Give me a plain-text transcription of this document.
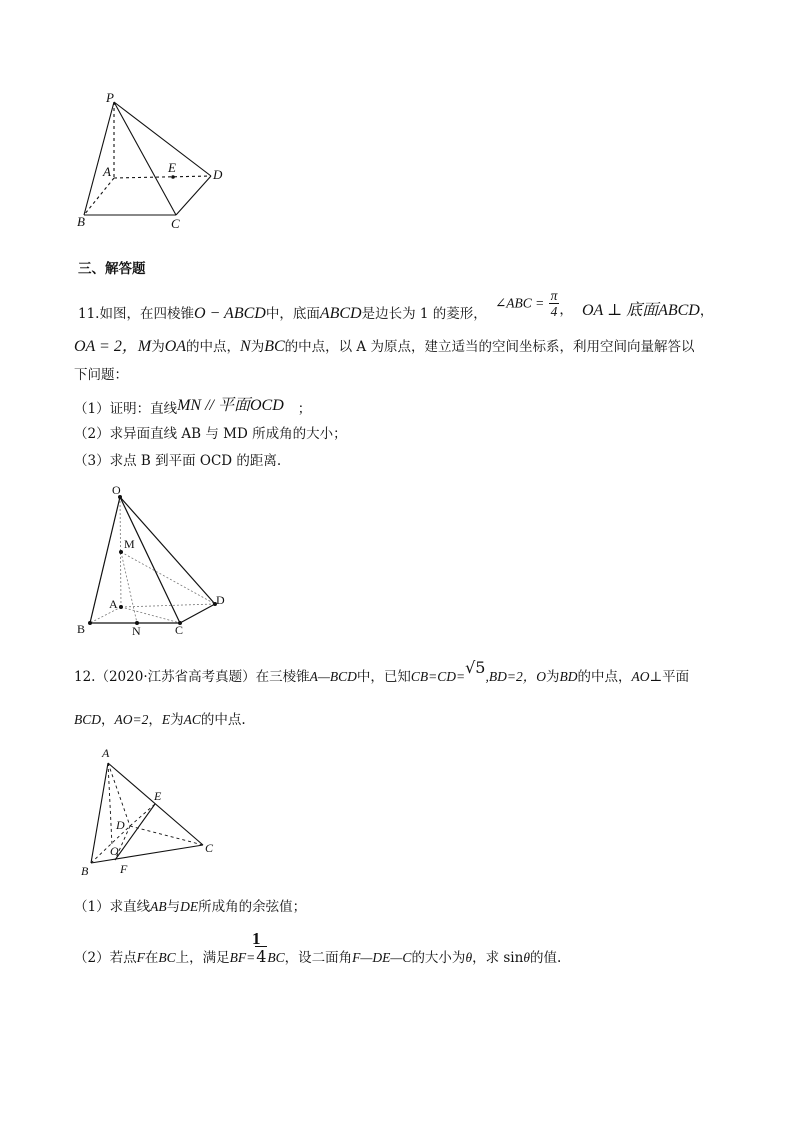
P
A	E	D
B	C
三、解答题
11.如图，在四棱锥O − ABCD中，底面ABCD是边长为 1 的菱形，
∠ABC = $\frac{\pi}{4}$ ， OA ⊥ 底面ABCD，
OA = 2，M为OA的中点，N为BC的中点，以 A 为原点，建立适当的空间坐标系，利用空间向量解答以
下问题：
（1）证明：直线MN // 平面OCD ；
（2）求异面直线 AB 与 MD 所成角的大小；
（3）求点 B 到平面 OCD 的距离.
O
M
A	D
B	N	C
12.（2020·江苏省高考真题）在三棱锥A—BCD中，已知CB=CD=√5,BD=2，O为BD的中点，AO⊥平面
BCD，AO=2，E为AC的中点.
A
E
D
O	C
B	F
（1）求直线AB与DE所成角的余弦值；
1
（2）若点F在BC上，满足BF=4BC，设二面角F—DE—C的大小为θ，求 sinθ的值.
